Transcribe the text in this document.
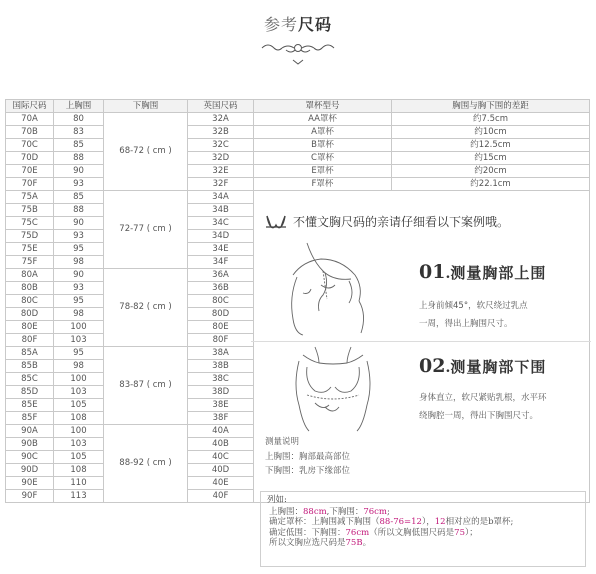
参考尺码
国际尺码	上胸围	下胸围	英国尺码	罩杯型号	胸围与胸下围的差距
70A	80	68-72 ( cm )	32A	AA罩杯	约7.5cm
70B	83		32B	A罩杯	约10cm
70C	85		32C	B罩杯	约12.5cm
70D	88		32D	C罩杯	约15cm
70E	90		32E	E罩杯	约20cm
70F	93		32F	F罩杯	约22.1cm
75A	85	72-77 ( cm )	34A		
75B	88		34B		
75C	90		34C		
75D	93		34D		
75E	95		34E		
75F	98		34F		
80A	90	78-82 ( cm )	36A		
80B	93		36B		
80C	95		80C		
80D	98		80D		
80E	100		80E		
80F	103		80F		
85A	95	83-87 ( cm )	38A		
85B	98		38B		
85C	100		38C		
85D	103		38D		
85E	105		38E		
85F	108		38F		
90A	100	88-92 ( cm )	40A		
90B	103		40B		
90C	105		40C		
90D	108		40D		
90E	110		40E		
90F	113		40F		
不懂文胸尺码的亲请仔细看以下案例哦。
01.测量胸部上围
上身前倾45°，软尺绕过乳点
一周，得出上胸围尺寸。
02.测量胸部下围
身体直立，软尺紧贴乳根，水平环
绕胸腔一周，得出下胸围尺寸。
测量说明
上胸围：胸部最高部位
下胸围：乳房下缘部位
列如:
上胸围：88cm,下胸围：76cm;
确定罩杯：上胸围减下胸围（88-76=12），12相对应的是b罩杯;
确定低围：下胸围：76cm（所以文胸低围尺码是75）；
所以文胸应选尺码是75B。
